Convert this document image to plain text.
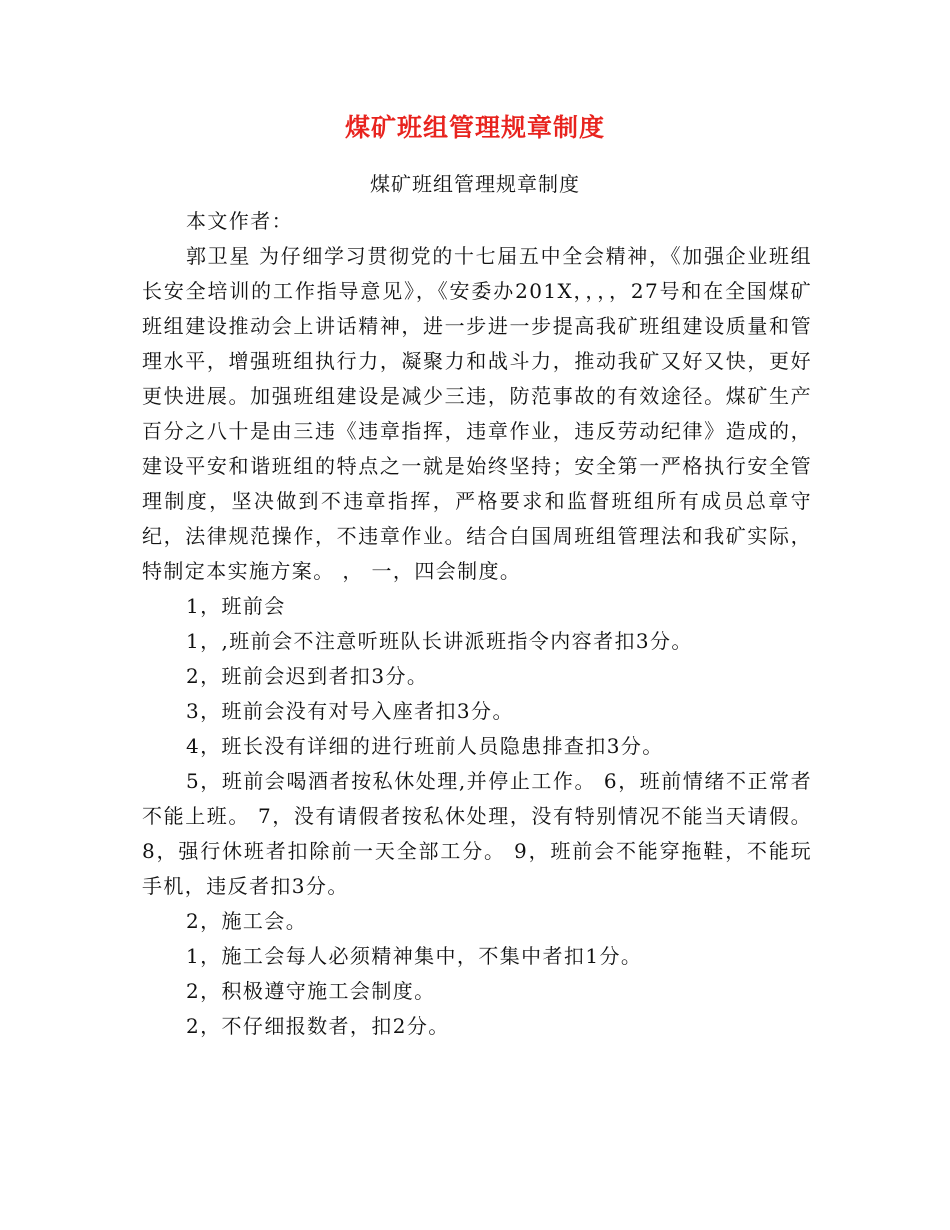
煤矿班组管理规章制度
煤矿班组管理规章制度

本文作者：

郭卫星 为仔细学习贯彻党的十七届五中全会精神，《加强企业班组长安全培训的工作指导意见》，《安委办201X，，，，27号和在全国煤矿班组建设推动会上讲话精神，进一步进一步提高我矿班组建设质量和管理水平，增强班组执行力，凝聚力和战斗力，推动我矿又好又快，更好更快进展。加强班组建设是减少三违，防范事故的有效途径。煤矿生产百分之八十是由三违《违章指挥，违章作业，违反劳动纪律》造成的，建设平安和谐班组的特点之一就是始终坚持；安全第一严格执行安全管理制度，坚决做到不违章指挥，严格要求和监督班组所有成员总章守纪，法律规范操作，不违章作业。结合白国周班组管理法和我矿实际，特制定本实施方案。 ， 一，四会制度。

1，班前会

1，,班前会不注意听班队长讲派班指令内容者扣3分。

2，班前会迟到者扣3分。

3，班前会没有对号入座者扣3分。

4，班长没有详细的进行班前人员隐患排查扣3分。

5，班前会喝酒者按私休处理,并停止工作。 6，班前情绪不正常者不能上班。 7，没有请假者按私休处理，没有特别情况不能当天请假。 8，强行休班者扣除前一天全部工分。 9，班前会不能穿拖鞋，不能玩手机，违反者扣3分。

2，施工会。

1，施工会每人必须精神集中，不集中者扣1分。

2，积极遵守施工会制度。

2，不仔细报数者，扣2分。
